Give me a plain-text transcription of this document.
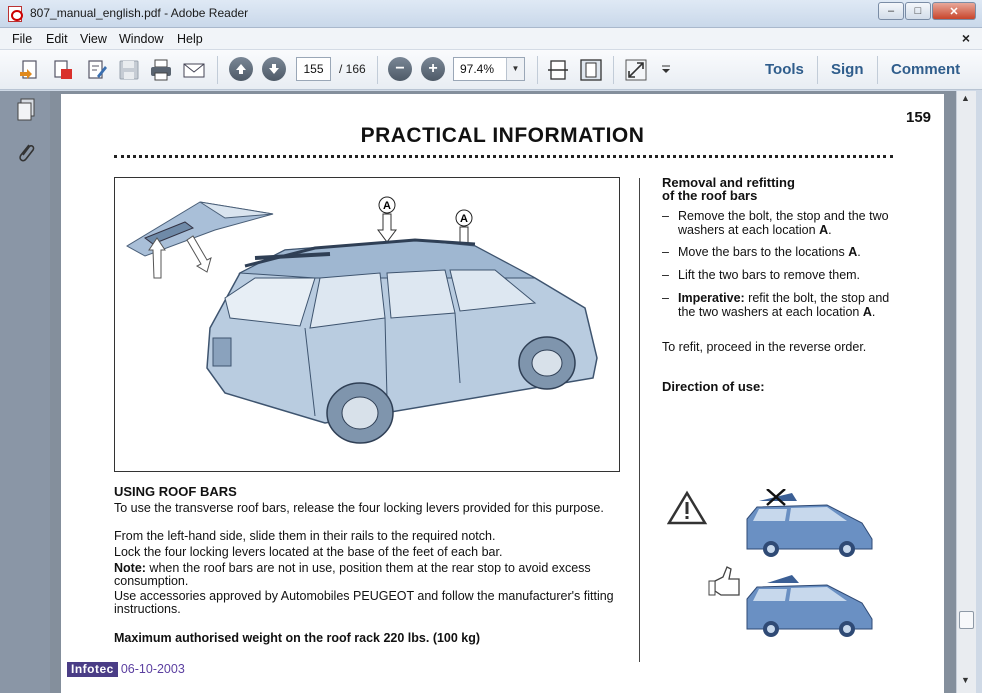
807_manual_english.pdf - Adobe Reader	–	□	✕
File Edit View Window Help	×
−	+
155	/ 166	97.4%	▼	Tools Sign Comment
159
PRACTICAL INFORMATION
A
A
USING ROOF BARS
To use the transverse roof bars, release the four locking levers provided for this purpose.
From the left-hand side, slide them in their rails to the required notch.
Lock the four locking levers located at the base of the feet of each bar.
Note: when the roof bars are not in use, position them at the rear stop to avoid excess consumption.
Use accessories approved by Automobiles PEUGEOT and follow the manufacturer's fitting instructions.
Maximum authorised weight on the roof rack 220 lbs. (100 kg)
Removal and refitting
of the roof bars
– Remove the bolt, the stop and the two washers at each location A.
– Move the bars to the locations A.
– Lift the two bars to remove them.
– Imperative: refit the bolt, the stop and the two washers at each location A.
To refit, proceed in the reverse order.
Direction of use:
Infotec 06-10-2003
▲
▼
